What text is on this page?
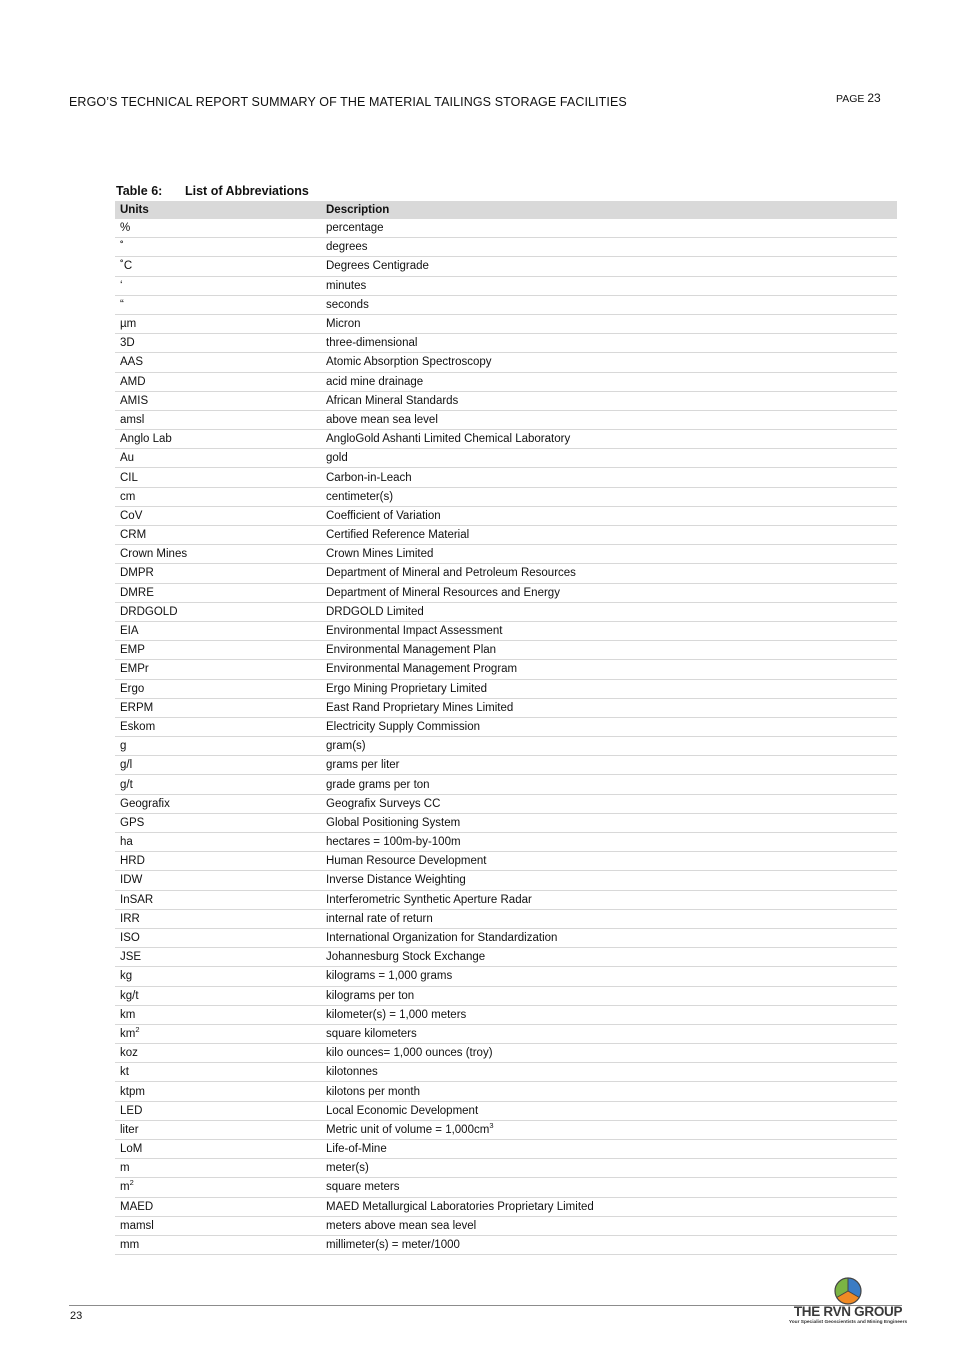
ERGO’S TECHNICAL REPORT SUMMARY OF THE MATERIAL TAILINGS STORAGE FACILITIES	PAGE 23
Table 6: List of Abbreviations
Units	Description
%	percentage
˚	degrees
˚C	Degrees Centigrade
‘	minutes
“	seconds
µm	Micron
3D	three-dimensional
AAS	Atomic Absorption Spectroscopy
AMD	acid mine drainage
AMIS	African Mineral Standards
amsl	above mean sea level
Anglo Lab	AngloGold Ashanti Limited Chemical Laboratory
Au	gold
CIL	Carbon-in-Leach
cm	centimeter(s)
CoV	Coefficient of Variation
CRM	Certified Reference Material
Crown Mines	Crown Mines Limited
DMPR	Department of Mineral and Petroleum Resources
DMRE	Department of Mineral Resources and Energy
DRDGOLD	DRDGOLD Limited
EIA	Environmental Impact Assessment
EMP	Environmental Management Plan
EMPr	Environmental Management Program
Ergo	Ergo Mining Proprietary Limited
ERPM	East Rand Proprietary Mines Limited
Eskom	Electricity Supply Commission
g	gram(s)
g/l	grams per liter
g/t	grade grams per ton
Geografix	Geografix Surveys CC
GPS	Global Positioning System
ha	hectares = 100m-by-100m
HRD	Human Resource Development
IDW	Inverse Distance Weighting
InSAR	Interferometric Synthetic Aperture Radar
IRR	internal rate of return
ISO	International Organization for Standardization
JSE	Johannesburg Stock Exchange
kg	kilograms = 1,000 grams
kg/t	kilograms per ton
km	kilometer(s) = 1,000 meters
$km^2$	square kilometers
koz	kilo ounces= 1,000 ounces (troy)
kt	kilotonnes
ktpm	kilotons per month
LED	Local Economic Development
liter	Metric unit of volume = $1,000cm^3$
LoM	Life-of-Mine
m	meter(s)
$m^2$	square meters
MAED	MAED Metallurgical Laboratories Proprietary Limited
mamsl	meters above mean sea level
mm	millimeter(s) = meter/1000
23	THE RVN GROUP
Your Specialist Geoscientists and Mining Engineers
